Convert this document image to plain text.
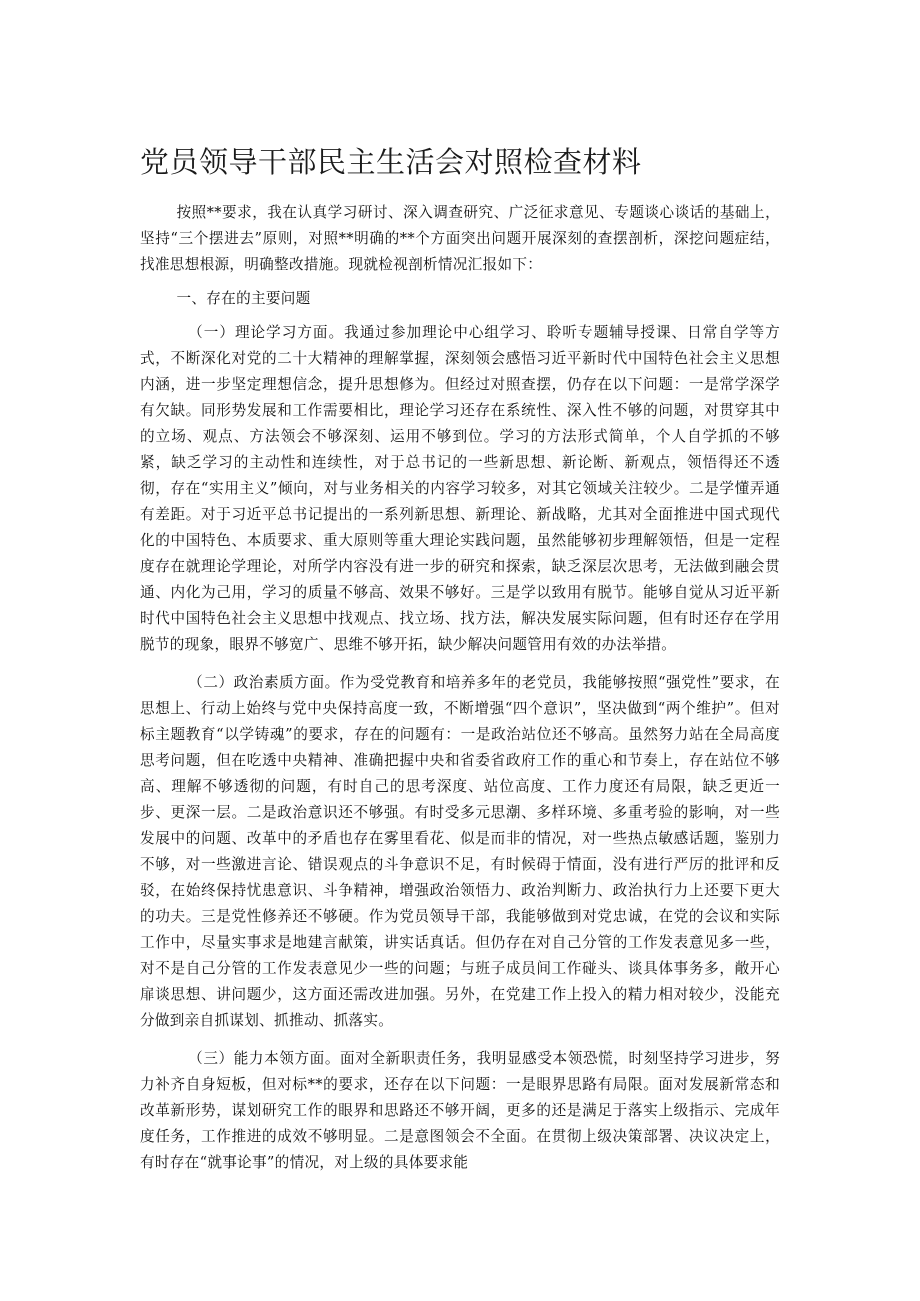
党员领导干部民主生活会对照检查材料

按照**要求，我在认真学习研讨、深入调查研究、广泛征求意见、专题谈心谈话的基础上，坚持“三个摆进去”原则，对照**明确的**个方面突出问题开展深刻的查摆剖析，深挖问题症结，找准思想根源，明确整改措施。现就检视剖析情况汇报如下：

一、存在的主要问题

（一）理论学习方面。我通过参加理论中心组学习、聆听专题辅导授课、日常自学等方式，不断深化对党的二十大精神的理解掌握，深刻领会感悟习近平新时代中国特色社会主义思想内涵，进一步坚定理想信念，提升思想修为。但经过对照查摆，仍存在以下问题：一是常学深学有欠缺。同形势发展和工作需要相比，理论学习还存在系统性、深入性不够的问题，对贯穿其中的立场、观点、方法领会不够深刻、运用不够到位。学习的方法形式简单，个人自学抓的不够紧，缺乏学习的主动性和连续性，对于总书记的一些新思想、新论断、新观点，领悟得还不透彻，存在“实用主义”倾向，对与业务相关的内容学习较多，对其它领域关注较少。二是学懂弄通有差距。对于习近平总书记提出的一系列新思想、新理论、新战略，尤其对全面推进中国式现代化的中国特色、本质要求、重大原则等重大理论实践问题，虽然能够初步理解领悟，但是一定程度存在就理论学理论，对所学内容没有进一步的研究和探索，缺乏深层次思考，无法做到融会贯通、内化为己用，学习的质量不够高、效果不够好。三是学以致用有脱节。能够自觉从习近平新时代中国特色社会主义思想中找观点、找立场、找方法，解决发展实际问题，但有时还存在学用脱节的现象，眼界不够宽广、思维不够开拓，缺少解决问题管用有效的办法举措。

（二）政治素质方面。作为受党教育和培养多年的老党员，我能够按照“强党性”要求，在思想上、行动上始终与党中央保持高度一致，不断增强“四个意识”，坚决做到“两个维护”。但对标主题教育“以学铸魂”的要求，存在的问题有：一是政治站位还不够高。虽然努力站在全局高度思考问题，但在吃透中央精神、准确把握中央和省委省政府工作的重心和节奏上，存在站位不够高、理解不够透彻的问题，有时自己的思考深度、站位高度、工作力度还有局限，缺乏更近一步、更深一层。二是政治意识还不够强。有时受多元思潮、多样环境、多重考验的影响，对一些发展中的问题、改革中的矛盾也存在雾里看花、似是而非的情况，对一些热点敏感话题，鉴别力不够，对一些激进言论、错误观点的斗争意识不足，有时候碍于情面，没有进行严厉的批评和反驳，在始终保持忧患意识、斗争精神，增强政治领悟力、政治判断力、政治执行力上还要下更大的功夫。三是党性修养还不够硬。作为党员领导干部，我能够做到对党忠诚，在党的会议和实际工作中，尽量实事求是地建言献策，讲实话真话。但仍存在对自己分管的工作发表意见多一些，对不是自己分管的工作发表意见少一些的问题；与班子成员间工作碰头、谈具体事务多，敞开心扉谈思想、讲问题少，这方面还需改进加强。另外，在党建工作上投入的精力相对较少，没能充分做到亲自抓谋划、抓推动、抓落实。

（三）能力本领方面。面对全新职责任务，我明显感受本领恐慌，时刻坚持学习进步，努力补齐自身短板，但对标**的要求，还存在以下问题：一是眼界思路有局限。面对发展新常态和改革新形势，谋划研究工作的眼界和思路还不够开阔，更多的还是满足于落实上级指示、完成年度任务，工作推进的成效不够明显。二是意图领会不全面。在贯彻上级决策部署、决议决定上，有时存在“就事论事”的情况，对上级的具体要求能
